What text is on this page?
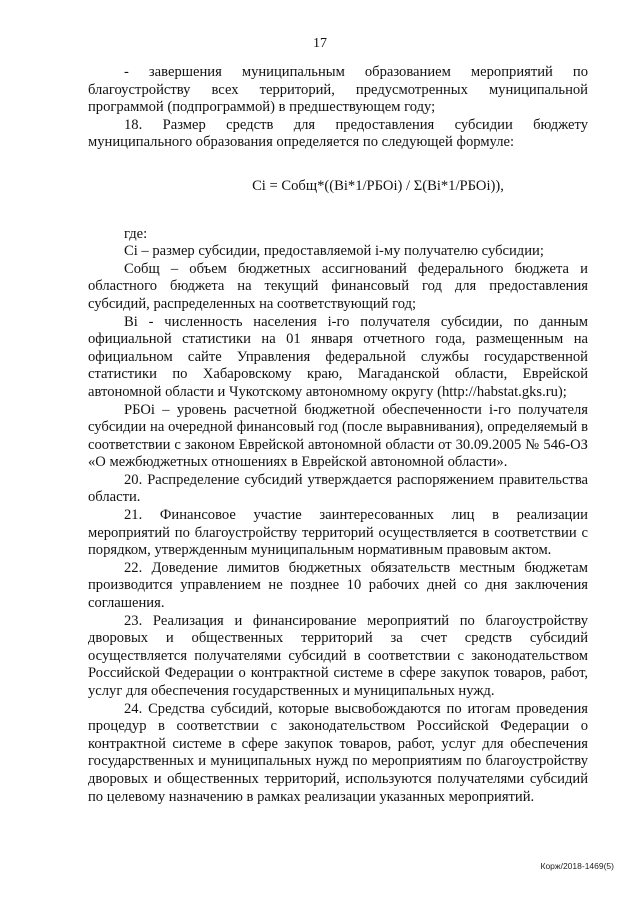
17

- завершения муниципальным образованием мероприятий по благоустройству всех территорий, предусмотренных муниципальной программой (подпрограммой) в предшествующем году;

18. Размер средств для предоставления субсидии бюджету муниципального образования определяется по следующей формуле:

Ci = Собщ*((Bi*1/РБОi) / Σ(Bi*1/РБОi)),

где:

Ci – размер субсидии, предоставляемой i-му получателю субсидии;

Собщ – объем бюджетных ассигнований федерального бюджета и областного бюджета на текущий финансовый год для предоставления субсидий, распределенных на соответствующий год;

Bi - численность населения i-го получателя субсидии, по данным официальной статистики на 01 января отчетного года, размещенным на официальном сайте Управления федеральной службы государственной статистики по Хабаровскому краю, Магаданской области, Еврейской автономной области и Чукотскому автономному округу (http://habstat.gks.ru);

РБОi – уровень расчетной бюджетной обеспеченности i-го получателя субсидии на очередной финансовый год (после выравнивания), определяемый в соответствии с законом Еврейской автономной области от 30.09.2005 № 546-ОЗ «О межбюджетных отношениях в Еврейской автономной области».

20. Распределение субсидий утверждается распоряжением правительства области.

21. Финансовое участие заинтересованных лиц в реализации мероприятий по благоустройству территорий осуществляется в соответствии с порядком, утвержденным муниципальным нормативным правовым актом.

22. Доведение лимитов бюджетных обязательств местным бюджетам производится управлением не позднее 10 рабочих дней со дня заключения соглашения.

23. Реализация и финансирование мероприятий по благоустройству дворовых и общественных территорий за счет средств субсидий осуществляется получателями субсидий в соответствии с законодательством Российской Федерации о контрактной системе в сфере закупок товаров, работ, услуг для обеспечения государственных и муниципальных нужд.

24. Средства субсидий, которые высвобождаются по итогам проведения процедур в соответствии с законодательством Российской Федерации о контрактной системе в сфере закупок товаров, работ, услуг для обеспечения государственных и муниципальных нужд по мероприятиям по благоустройству дворовых и общественных территорий, используются получателями субсидий по целевому назначению в рамках реализации указанных мероприятий.

Корж/2018-1469(5)
